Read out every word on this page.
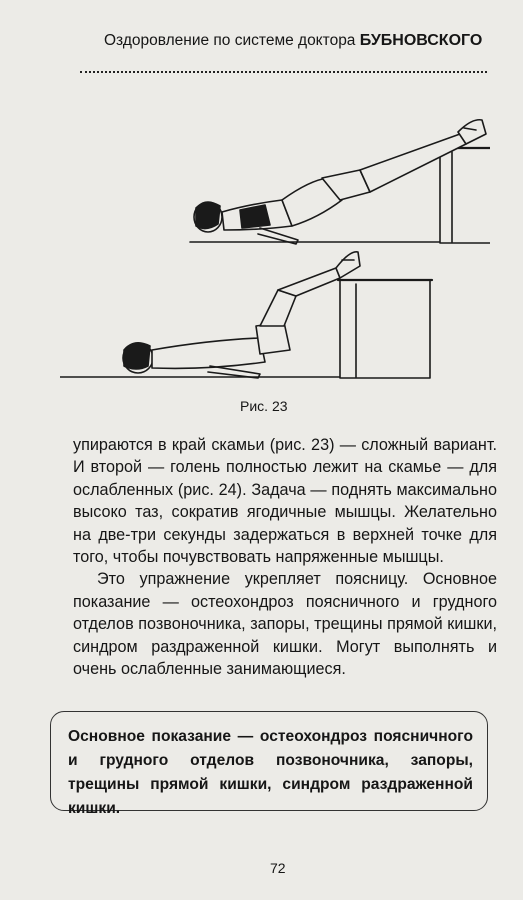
Оздоровление по системе доктора БУБНОВСКОГО
Рис. 23

упираются в край скамьи (рис. 23) — сложный вариант. И второй — голень полностью лежит на скамье — для ослабленных (рис. 24). Задача — поднять максимально высоко таз, сократив ягодичные мышцы. Желательно на две-три секунды задержаться в верхней точке для того, чтобы почувствовать напряженные мышцы.

Это упражнение укрепляет поясницу. Основное показание — остеохондроз поясничного и грудного отделов позвоночника, запоры, трещины прямой кишки, синдром раздраженной кишки. Могут выполнять и очень ослабленные занимающиеся.

Основное показание — остеохондроз поясничного и грудного отделов позвоночника, запоры, трещины прямой кишки, синдром раздраженной кишки.
72
